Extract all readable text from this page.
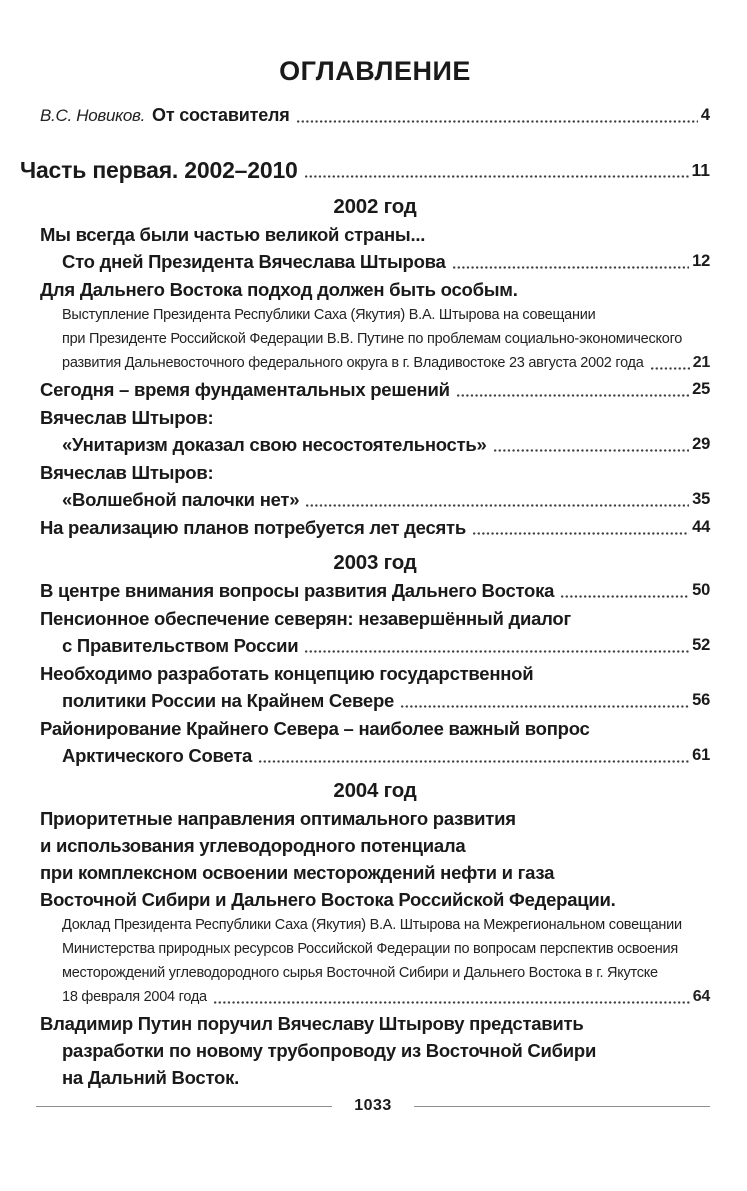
ОГЛАВЛЕНИЕ
В.С. Новиков. От составителя	4
Часть первая. 2002–2010	11
2002 год
Мы всегда были частью великой страны...
Сто дней Президента Вячеслава Штырова	12
Для Дальнего Востока подход должен быть особым.
Выступление Президента Республики Саха (Якутия) В.А. Штырова на совещании
при Президенте Российской Федерации В.В. Путине по проблемам социально-экономического
развития Дальневосточного федерального округа в г. Владивостоке 23 августа 2002 года	21
Сегодня – время фундаментальных решений	25
Вячеслав Штыров:
«Унитаризм доказал свою несостоятельность»	29
Вячеслав Штыров:
«Волшебной палочки нет»	35
На реализацию планов потребуется лет десять	44
2003 год
В центре внимания вопросы развития Дальнего Востока	50
Пенсионное обеспечение северян: незавершённый диалог
с Правительством России	52
Необходимо разработать концепцию государственной
политики России на Крайнем Севере	56
Районирование Крайнего Севера – наиболее важный вопрос
Арктического Совета	61
2004 год
Приоритетные направления оптимального развития
и использования углеводородного потенциала
при комплексном освоении месторождений нефти и газа
Восточной Сибири и Дальнего Востока Российской Федерации.
Доклад Президента Республики Саха (Якутия) В.А. Штырова на Межрегиональном совещании
Министерства природных ресурсов Российской Федерации по вопросам перспектив освоения
месторождений углеводородного сырья Восточной Сибири и Дальнего Востока в г. Якутске
18 февраля 2004 года	64
Владимир Путин поручил Вячеславу Штырову представить
разработки по новому трубопроводу из Восточной Сибири
на Дальний Восток.
1033
